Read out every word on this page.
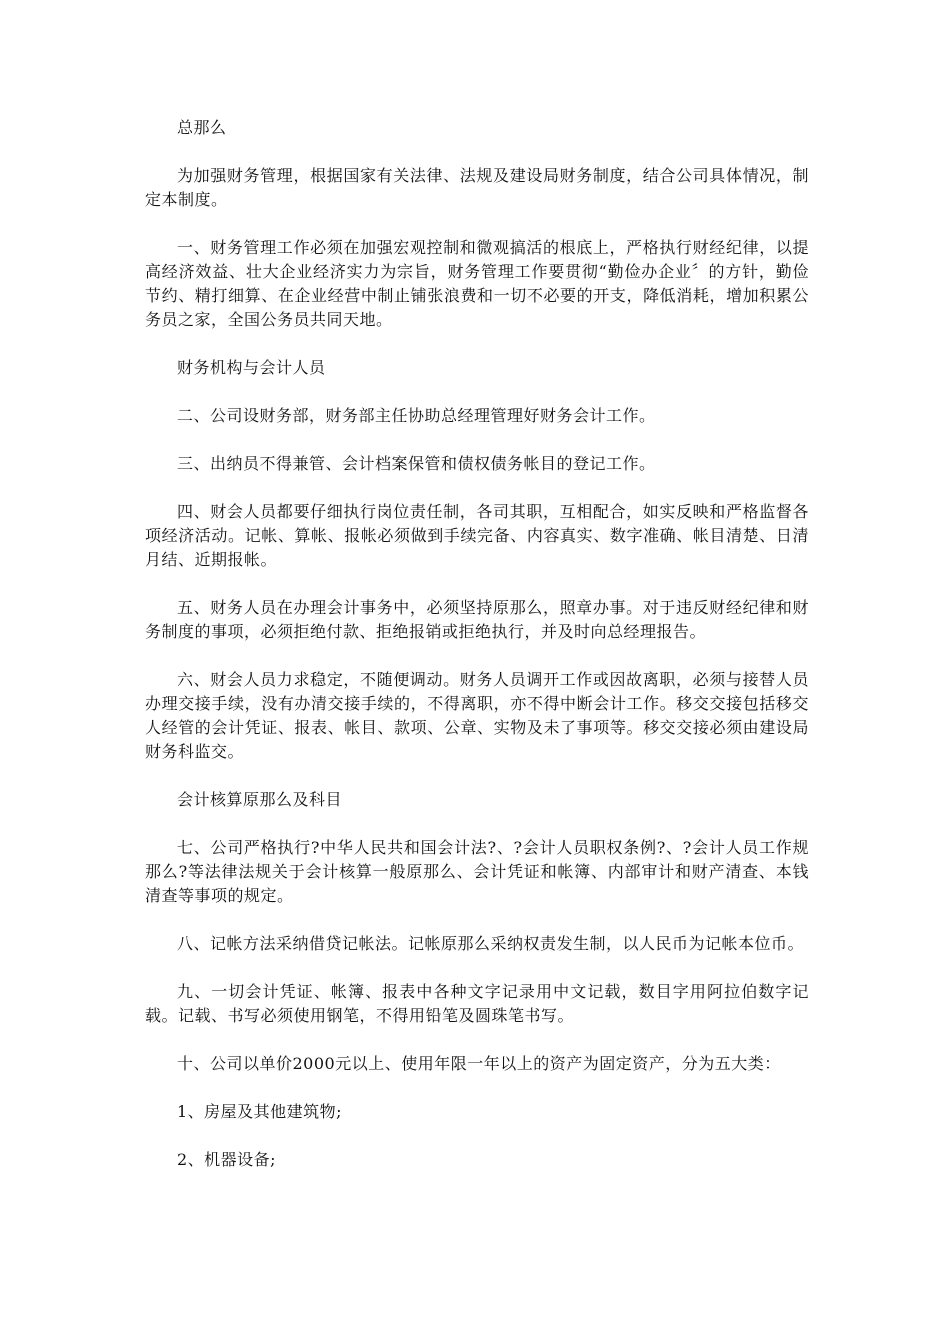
总那么

为加强财务管理，根据国家有关法律、法规及建设局财务制度，结合公司具体情况，制定本制度。

一、财务管理工作必须在加强宏观控制和微观搞活的根底上，严格执行财经纪律，以提高经济效益、壮大企业经济实力为宗旨，财务管理工作要贯彻“勤俭办企业〞的方针，勤俭节约、精打细算、在企业经营中制止铺张浪费和一切不必要的开支，降低消耗，增加积累公务员之家，全国公务员共同天地。

财务机构与会计人员

二、公司设财务部，财务部主任协助总经理管理好财务会计工作。

三、出纳员不得兼管、会计档案保管和债权债务帐目的登记工作。

四、财会人员都要仔细执行岗位责任制，各司其职，互相配合，如实反映和严格监督各项经济活动。记帐、算帐、报帐必须做到手续完备、内容真实、数字准确、帐目清楚、日清月结、近期报帐。

五、财务人员在办理会计事务中，必须坚持原那么，照章办事。对于违反财经纪律和财务制度的事项，必须拒绝付款、拒绝报销或拒绝执行，并及时向总经理报告。

六、财会人员力求稳定，不随便调动。财务人员调开工作或因故离职，必须与接替人员办理交接手续，没有办清交接手续的，不得离职，亦不得中断会计工作。移交交接包括移交人经管的会计凭证、报表、帐目、款项、公章、实物及未了事项等。移交交接必须由建设局财务科监交。

会计核算原那么及科目

七、公司严格执行?中华人民共和国会计法?、?会计人员职权条例?、?会计人员工作规那么?等法律法规关于会计核算一般原那么、会计凭证和帐簿、内部审计和财产清查、本钱清查等事项的规定。

八、记帐方法采纳借贷记帐法。记帐原那么采纳权责发生制，以人民币为记帐本位币。

九、一切会计凭证、帐簿、报表中各种文字记录用中文记载，数目字用阿拉伯数字记载。记载、书写必须使用钢笔，不得用铅笔及圆珠笔书写。

十、公司以单价2000元以上、使用年限一年以上的资产为固定资产，分为五大类：

1、房屋及其他建筑物;

2、机器设备;
